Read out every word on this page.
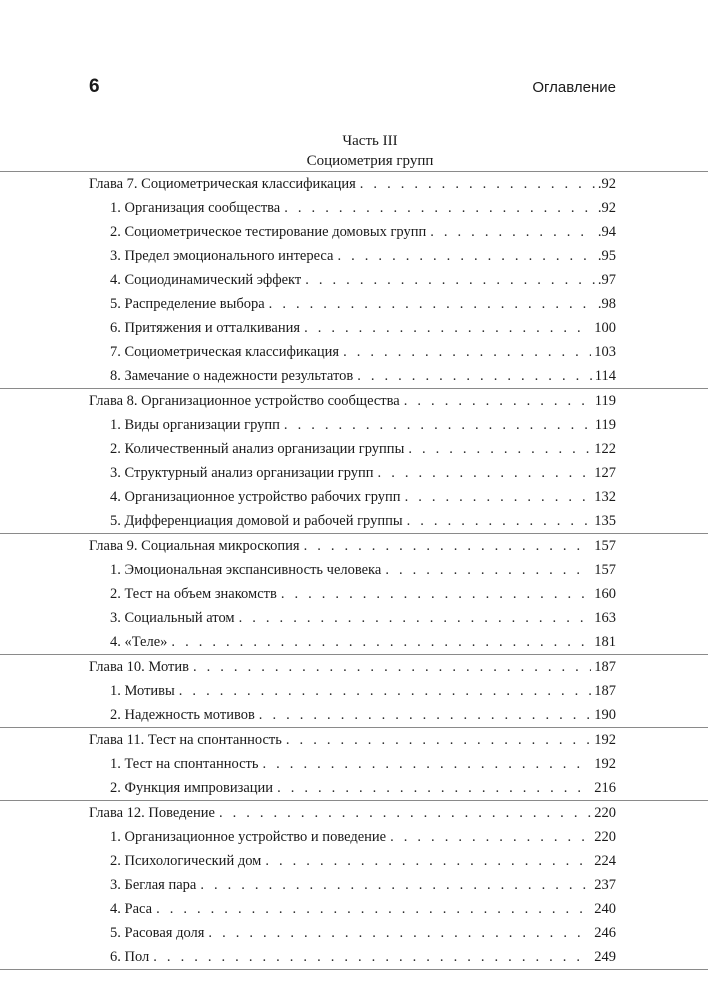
6	Оглавление
Часть III
Социометрия групп
Глава 7. Социометрическая классификация . . .	.92
1. Организация сообщества . . .	.92
2. Социометрическое тестирование домовых групп . . .	.94
3. Предел эмоционального интереса . . .	.95
4. Социодинамический эффект . . .	.97
5. Распределение выбора . . .	.98
6. Притяжения и отталкивания . . .	100
7. Социометрическая классификация . . .	103
8. Замечание о надежности результатов . . .	114
Глава 8. Организационное устройство сообщества . . .	119
1. Виды организации групп . . .	119
2. Количественный анализ организации группы . . .	122
3. Структурный анализ организации групп . . .	127
4. Организационное устройство рабочих групп . . .	132
5. Дифференциация домовой и рабочей группы . . .	135
Глава 9. Социальная микроскопия . . .	157
1. Эмоциональная экспансивность человека . . .	157
2. Тест на объем знакомств . . .	160
3. Социальный атом . . .	163
4. «Теле» . . .	181
Глава 10. Мотив . . .	187
1. Мотивы . . .	187
2. Надежность мотивов . . .	190
Глава 11. Тест на спонтанность . . .	192
1. Тест на спонтанность . . .	192
2. Функция импровизации . . .	216
Глава 12. Поведение . . .	220
1. Организационное устройство и поведение . . .	220
2. Психологический дом . . .	224
3. Беглая пара . . .	237
4. Раса . . .	240
5. Расовая доля . . .	246
6. Пол . . .	249
